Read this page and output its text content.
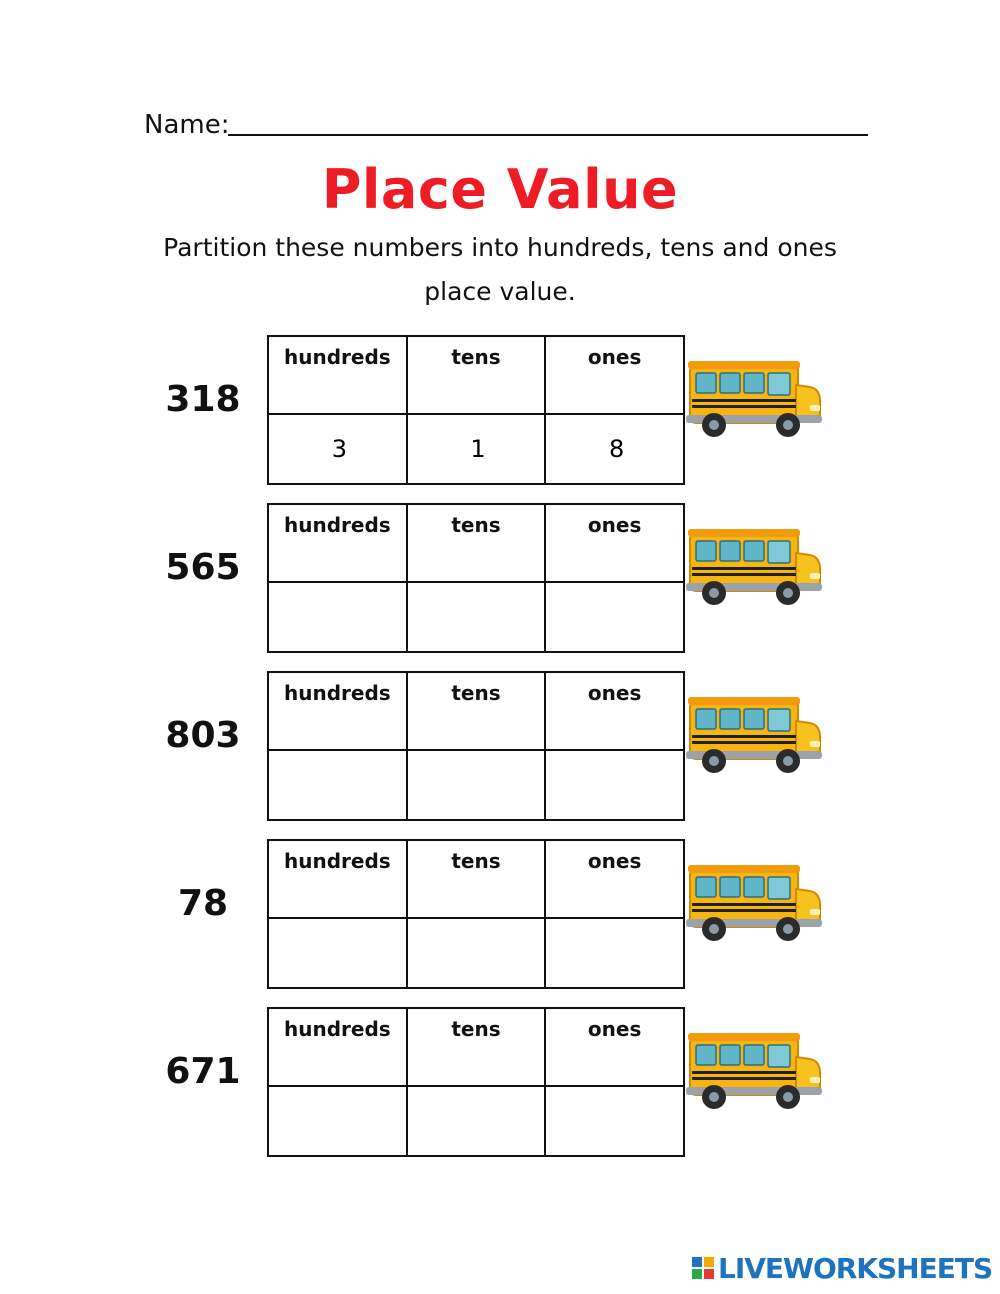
Name:
Place Value
Partition these numbers into hundreds, tens and ones
place value.
318
hundreds	tens	ones
3	1	8
565
hundreds	tens	ones

803
hundreds	tens	ones

78
hundreds	tens	ones

671
hundreds	tens	ones

LIVEWORKSHEETS
